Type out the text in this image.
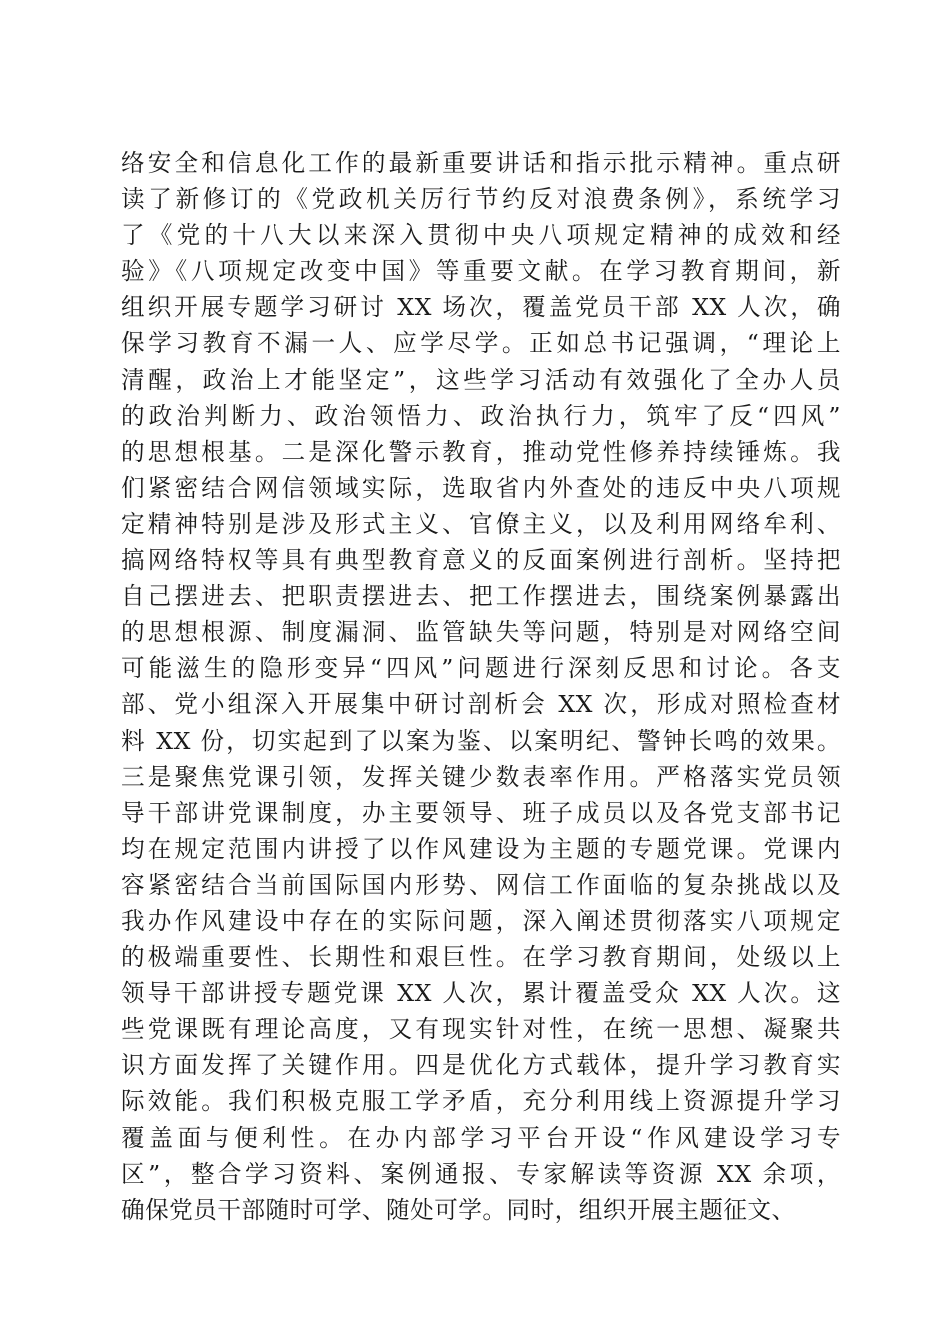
络安全和信息化工作的最新重要讲话和指示批示精神。重点研
读了新修订的《党政机关厉行节约反对浪费条例》，系统学习
了《党的十八大以来深入贯彻中央八项规定精神的成效和经
验》《八项规定改变中国》等重要文献。在学习教育期间，新
组织开展专题学习研讨 XX 场次，覆盖党员干部 XX 人次，确
保学习教育不漏一人、应学尽学。正如总书记强调，“理论上
清醒，政治上才能坚定”，这些学习活动有效强化了全办人员
的政治判断力、政治领悟力、政治执行力，筑牢了反“四风”
的思想根基。二是深化警示教育，推动党性修养持续锤炼。我
们紧密结合网信领域实际，选取省内外查处的违反中央八项规
定精神特别是涉及形式主义、官僚主义，以及利用网络牟利、
搞网络特权等具有典型教育意义的反面案例进行剖析。坚持把
自己摆进去、把职责摆进去、把工作摆进去，围绕案例暴露出
的思想根源、制度漏洞、监管缺失等问题，特别是对网络空间
可能滋生的隐形变异“四风”问题进行深刻反思和讨论。各支
部、党小组深入开展集中研讨剖析会 XX 次，形成对照检查材
料 XX 份，切实起到了以案为鉴、以案明纪、警钟长鸣的效果。
三是聚焦党课引领，发挥关键少数表率作用。严格落实党员领
导干部讲党课制度，办主要领导、班子成员以及各党支部书记
均在规定范围内讲授了以作风建设为主题的专题党课。党课内
容紧密结合当前国际国内形势、网信工作面临的复杂挑战以及
我办作风建设中存在的实际问题，深入阐述贯彻落实八项规定
的极端重要性、长期性和艰巨性。在学习教育期间，处级以上
领导干部讲授专题党课 XX 人次，累计覆盖受众 XX 人次。这
些党课既有理论高度，又有现实针对性，在统一思想、凝聚共
识方面发挥了关键作用。四是优化方式载体，提升学习教育实
际效能。我们积极克服工学矛盾，充分利用线上资源提升学习
覆盖面与便利性。在办内部学习平台开设“作风建设学习专
区”，整合学习资料、案例通报、专家解读等资源 XX 余项，
确保党员干部随时可学、随处可学。同时，组织开展主题征文、
